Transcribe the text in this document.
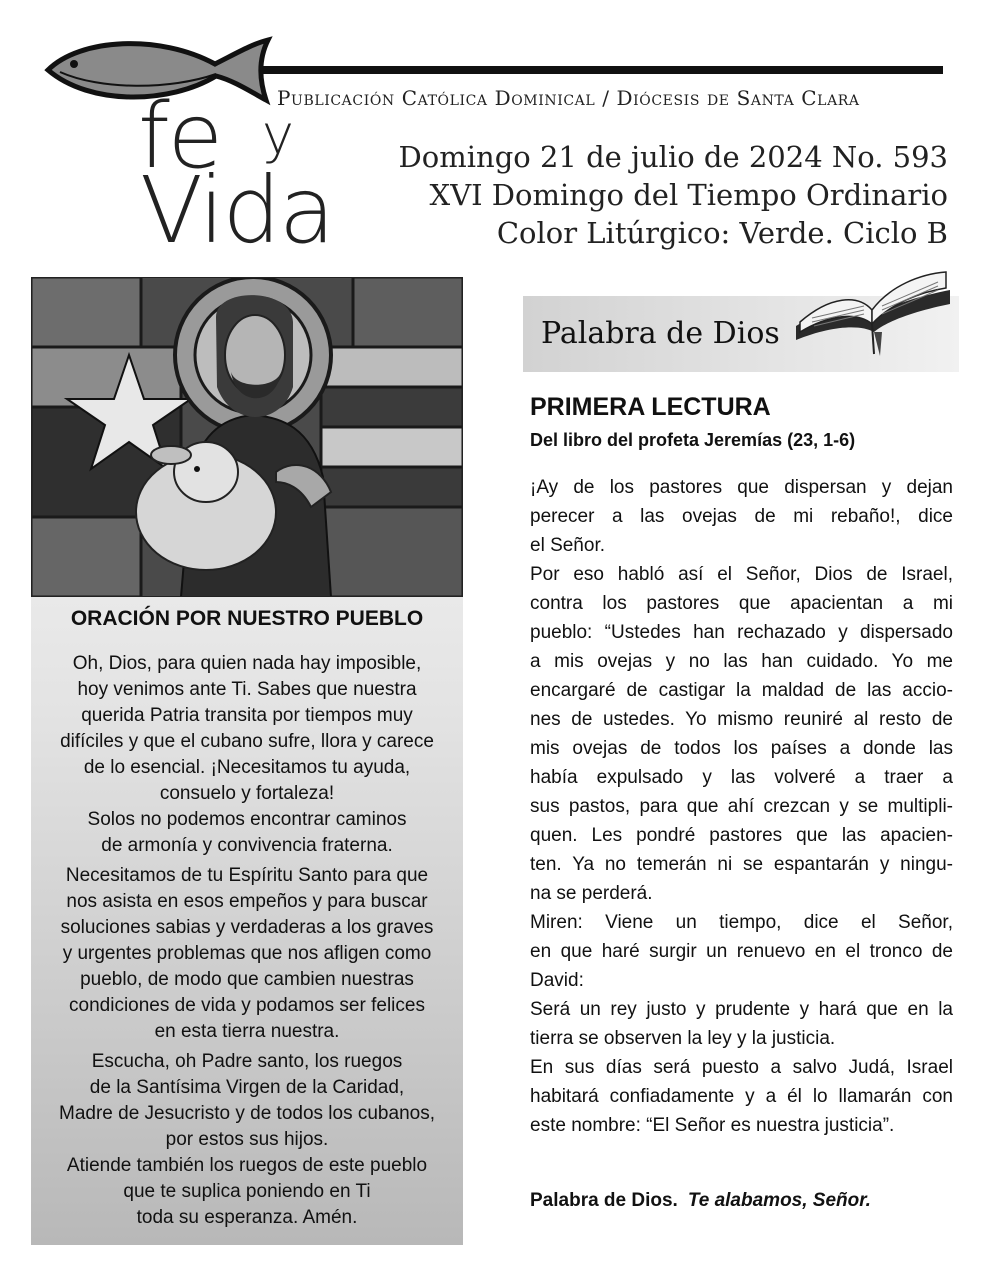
Publicación Católica Dominical / Diócesis de Santa Clara
fe y
Vida Domingo 21 de julio de 2024 No. 593
XVI Domingo del Tiempo Ordinario
Color Litúrgico: Verde. Ciclo B
ORACIÓN POR NUESTRO PUEBLO
Oh, Dios, para quien nada hay imposible,
hoy venimos ante Ti. Sabes que nuestra
querida Patria transita por tiempos muy
difíciles y que el cubano sufre, llora y carece
de lo esencial. ¡Necesitamos tu ayuda,
consuelo y fortaleza!
Solos no podemos encontrar caminos
de armonía y convivencia fraterna.
Necesitamos de tu Espíritu Santo para que
nos asista en esos empeños y para buscar
soluciones sabias y verdaderas a los graves
y urgentes problemas que nos afligen como
pueblo, de modo que cambien nuestras
condiciones de vida y podamos ser felices
en esta tierra nuestra.
Escucha, oh Padre santo, los ruegos
de la Santísima Virgen de la Caridad,
Madre de Jesucristo y de todos los cubanos,
por estos sus hijos.
Atiende también los ruegos de este pueblo
que te suplica poniendo en Ti
toda su esperanza. Amén.
Palabra de Dios
PRIMERA LECTURA
Del libro del profeta Jeremías (23, 1-6)
¡Ay de los pastores que dispersan y dejan
perecer a las ovejas de mi rebaño!, dice
el Señor.
Por eso habló así el Señor, Dios de Israel,
contra los pastores que apacientan a mi
pueblo: “Ustedes han rechazado y dispersado
a mis ovejas y no las han cuidado. Yo me
encargaré de castigar la maldad de las accio-
nes de ustedes. Yo mismo reuniré al resto de
mis ovejas de todos los países a donde las
había expulsado y las volveré a traer a
sus pastos, para que ahí crezcan y se multipli-
quen. Les pondré pastores que las apacien-
ten. Ya no temerán ni se espantarán y ningu-
na se perderá.
Miren: Viene un tiempo, dice el Señor,
en que haré surgir un renuevo en el tronco de
David:
Será un rey justo y prudente y hará que en la
tierra se observen la ley y la justicia.
En sus días será puesto a salvo Judá, Israel
habitará confiadamente y a él lo llamarán con
este nombre: “El Señor es nuestra justicia”.
Palabra de Dios. Te alabamos, Señor.
